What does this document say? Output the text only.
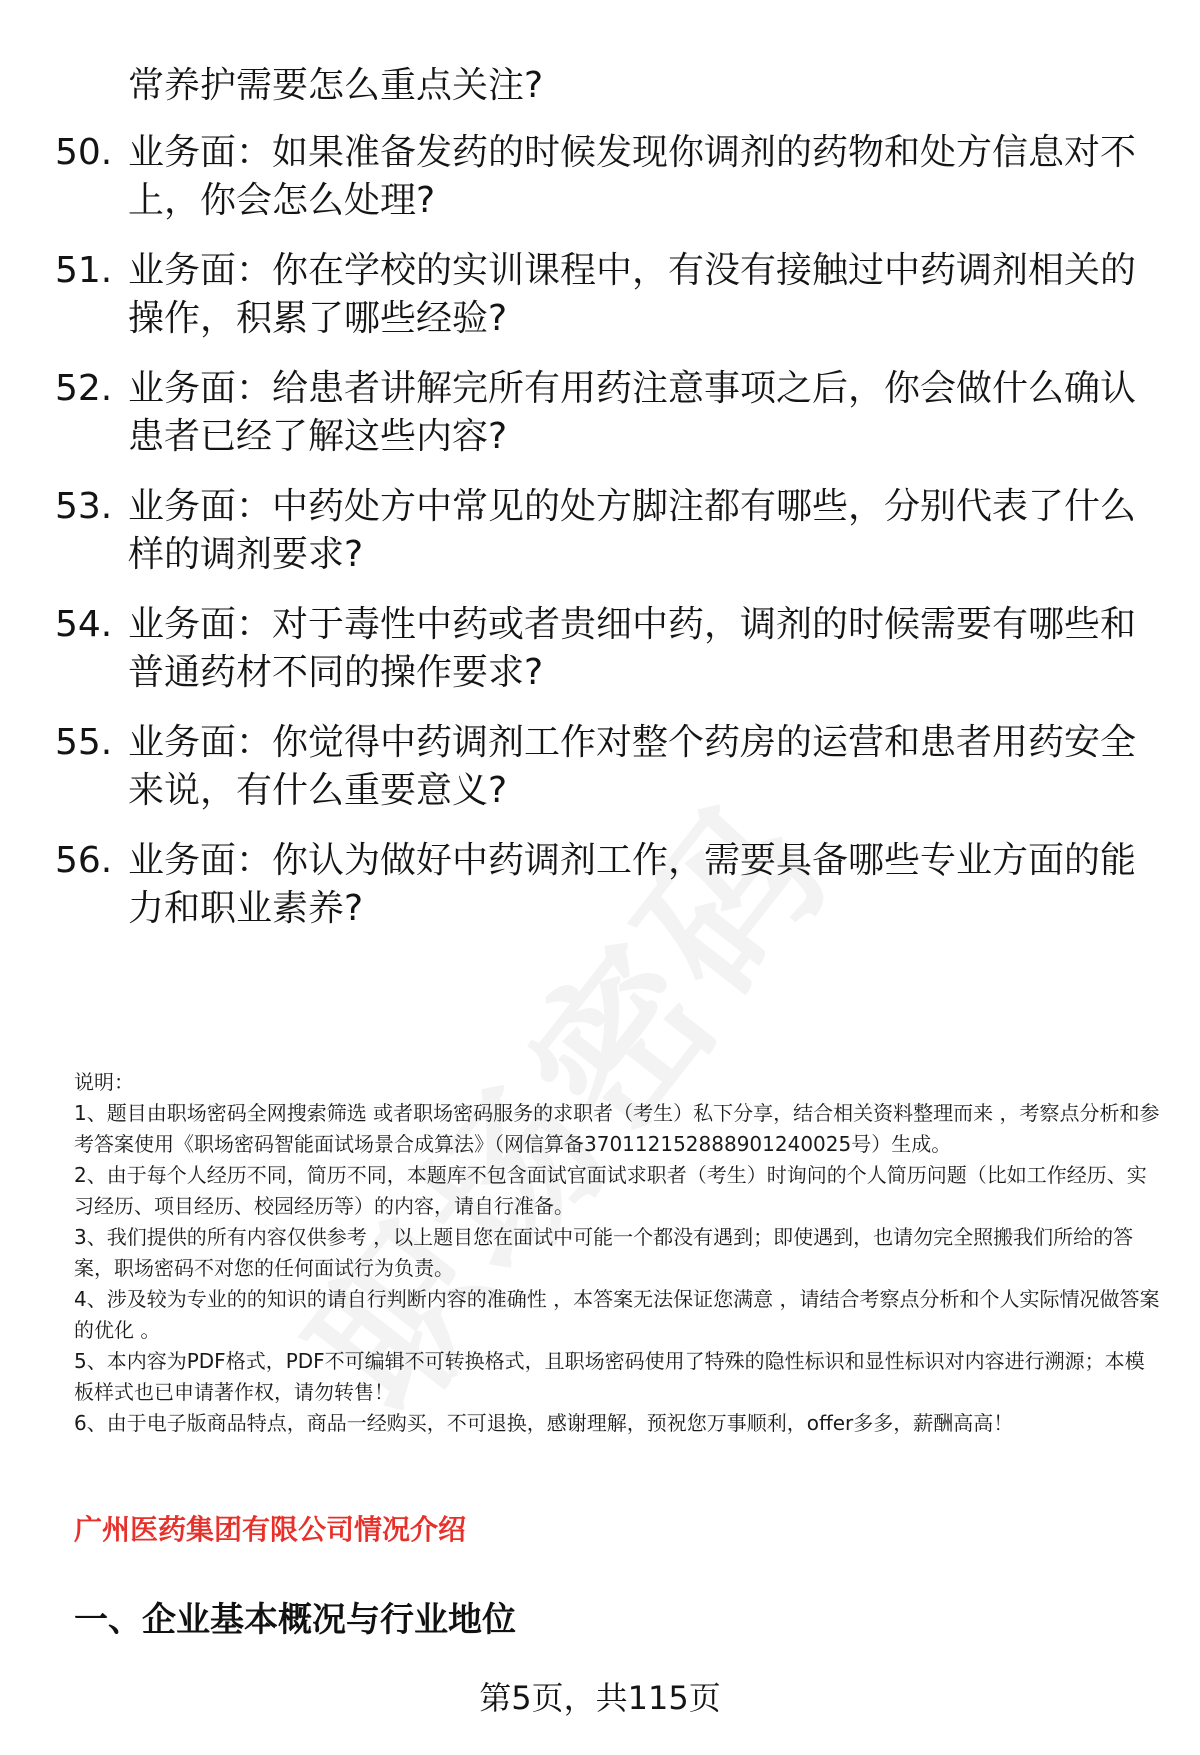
常养护需要怎么重点关注?
50. 业务面：如果准备发药的时候发现你调剂的药物和处方信息对不上，你会怎么处理?
51. 业务面：你在学校的实训课程中，有没有接触过中药调剂相关的操作，积累了哪些经验?
52. 业务面：给患者讲解完所有用药注意事项之后，你会做什么确认患者已经了解这些内容?
53. 业务面：中药处方中常见的处方脚注都有哪些，分别代表了什么样的调剂要求?
54. 业务面：对于毒性中药或者贵细中药，调剂的时候需要有哪些和普通药材不同的操作要求?
55. 业务面：你觉得中药调剂工作对整个药房的运营和患者用药安全来说，有什么重要意义?
56. 业务面：你认为做好中药调剂工作，需要具备哪些专业方面的能力和职业素养?

说明：

1、题目由职场密码全网搜索筛选 或者职场密码服务的求职者（考生）私下分享，结合相关资料整理而来 ，考察点分析和参考答案使用《职场密码智能面试场景合成算法》（网信算备370112152888901240025号）生成。

2、由于每个人经历不同，简历不同，本题库不包含面试官面试求职者（考生）时询问的个人简历问题（比如工作经历、实习经历、项目经历、校园经历等）的内容，请自行准备。

3、我们提供的所有内容仅供参考 ，以上题目您在面试中可能一个都没有遇到；即使遇到，也请勿完全照搬我们所给的答案，职场密码不对您的任何面试行为负责。

4、涉及较为专业的的知识的请自行判断内容的准确性 ，本答案无法保证您满意 ，请结合考察点分析和个人实际情况做答案的优化 。

5、本内容为PDF格式，PDF不可编辑不可转换格式，且职场密码使用了特殊的隐性标识和显性标识对内容进行溯源；本模板样式也已申请著作权，请勿转售！

6、由于电子版商品特点，商品一经购买，不可退换，感谢理解，预祝您万事顺利，offer多多，薪酬高高！

广州医药集团有限公司情况介绍
一、企业基本概况与行业地位
第5页，共115页
